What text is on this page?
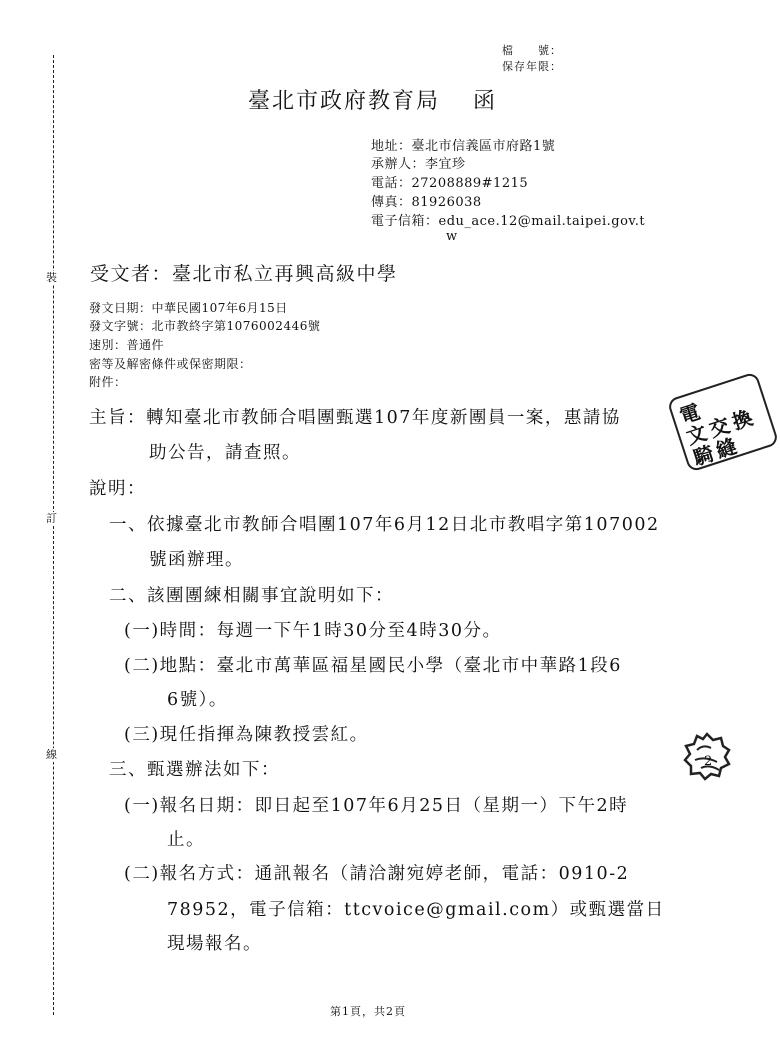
裝
訂
線
檔　　號：
保存年限：
臺北市政府教育局　 函
地址：臺北市信義區市府路1號
承辦人：李宜珍
電話：27208889#1215
傳真：81926038
電子信箱：edu_ace.12@mail.taipei.gov.t
w
受文者：臺北市私立再興高級中學
發文日期：中華民國107年6月15日
發文字號：北市教終字第1076002446號
速別：普通件
密等及解密條件或保密期限：
附件：
主旨：轉知臺北市教師合唱團甄選107年度新團員一案，惠請協
助公告，請查照。
說明：
一、依據臺北市教師合唱團107年6月12日北市教唱字第107002
號函辦理。
二、該團團練相關事宜說明如下：
(一)時間：每週一下午1時30分至4時30分。
(二)地點：臺北市萬華區福星國民小學（臺北市中華路1段6
6號）。
(三)現任指揮為陳教授雲紅。
三、甄選辦法如下：
(一)報名日期：即日起至107年6月25日（星期一）下午2時
止。
(二)報名方式：通訊報名（請洽謝宛婷老師，電話：0910-2
78952，電子信箱：ttcvoice@gmail.com）或甄選當日
現場報名。
電
文
交
換
騎
縫
2
第1頁，共2頁
